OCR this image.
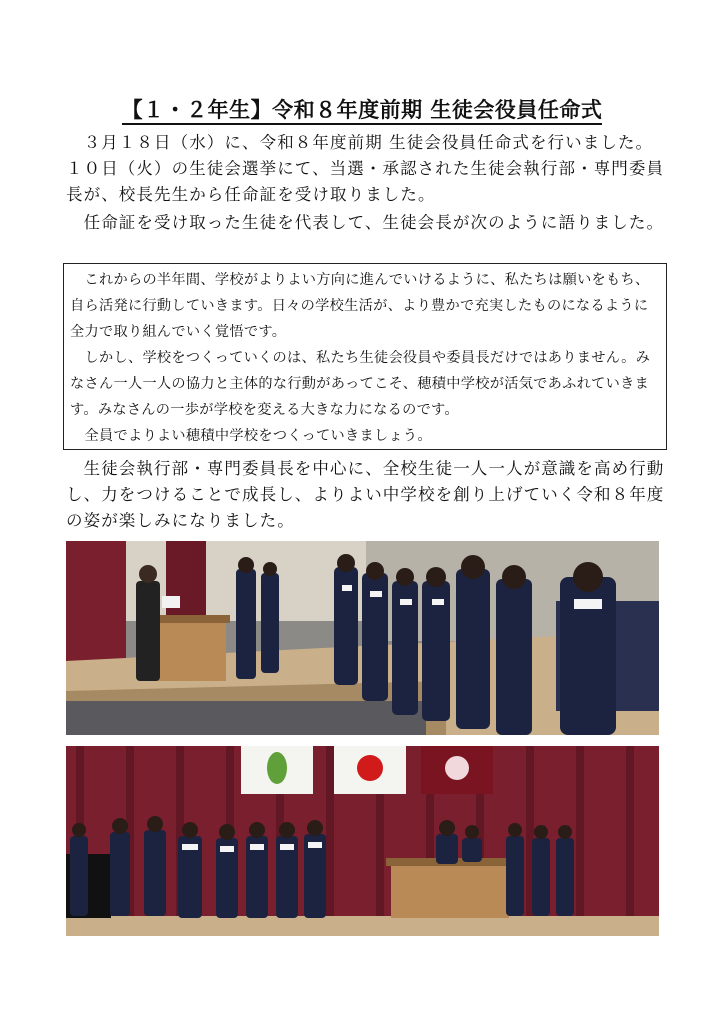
【１・２年生】令和８年度前期 生徒会役員任命式
　３月１８日（水）に、令和８年度前期 生徒会役員任命式を行いました。１０日（火）の生徒会選挙にて、当選・承認された生徒会執行部・専門委員長が、校長先生から任命証を受け取りました。
　任命証を受け取った生徒を代表して、生徒会長が次のように語りました。

　これからの半年間、学校がよりよい方向に進んでいけるように、私たちは願いをもち、自ら活発に行動していきます。日々の学校生活が、より豊かで充実したものになるように全力で取り組んでいく覚悟です。

　しかし、学校をつくっていくのは、私たち生徒会役員や委員長だけではありません。みなさん一人一人の協力と主体的な行動があってこそ、穂積中学校が活気であふれていきます。みなさんの一歩が学校を変える大きな力になるのです。

　全員でよりよい穂積中学校をつくっていきましょう。

　生徒会執行部・専門委員長を中心に、全校生徒一人一人が意識を高め行動し、力をつけることで成長し、よりよい中学校を創り上げていく令和８年度の姿が楽しみになりました。
